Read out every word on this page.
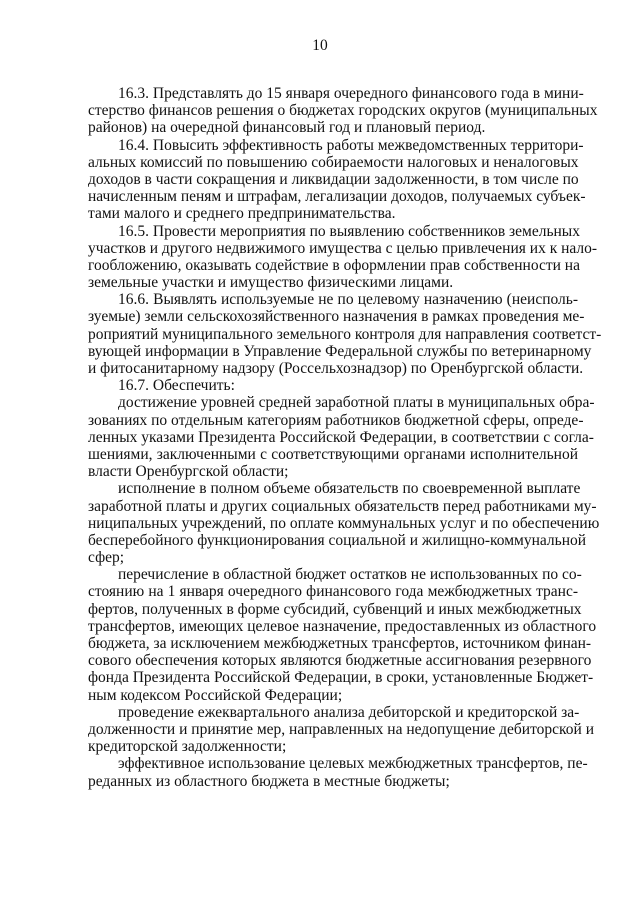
10
16.3. Представлять до 15 января очередного финансового года в мини-
стерство финансов решения о бюджетах городских округов (муниципальных
районов) на очередной финансовый год и плановый период.
16.4. Повысить эффективность работы межведомственных территори-
альных комиссий по повышению собираемости налоговых и неналоговых
доходов в части сокращения и ликвидации задолженности, в том числе по
начисленным пеням и штрафам, легализации доходов, получаемых субъек-
тами малого и среднего предпринимательства.
16.5. Провести мероприятия по выявлению собственников земельных
участков и другого недвижимого имущества с целью привлечения их к нало-
гообложению, оказывать содействие в оформлении прав собственности на
земельные участки и имущество физическими лицами.
16.6. Выявлять используемые не по целевому назначению (неисполь-
зуемые) земли сельскохозяйственного назначения в рамках проведения ме-
роприятий муниципального земельного контроля для направления соответст-
вующей информации в Управление Федеральной службы по ветеринарному
и фитосанитарному надзору (Россельхознадзор) по Оренбургской области.
16.7. Обеспечить:
достижение уровней средней заработной платы в муниципальных обра-
зованиях по отдельным категориям работников бюджетной сферы, опреде-
ленных указами Президента Российской Федерации, в соответствии с согла-
шениями, заключенными с соответствующими органами исполнительной
власти Оренбургской области;
исполнение в полном объеме обязательств по своевременной выплате
заработной платы и других социальных обязательств перед работниками му-
ниципальных учреждений, по оплате коммунальных услуг и по обеспечению
бесперебойного функционирования социальной и жилищно-коммунальной
сфер;
перечисление в областной бюджет остатков не использованных по со-
стоянию на 1 января очередного финансового года межбюджетных транс-
фертов, полученных в форме субсидий, субвенций и иных межбюджетных
трансфертов, имеющих целевое назначение, предоставленных из областного
бюджета, за исключением межбюджетных трансфертов, источником финан-
сового обеспечения которых являются бюджетные ассигнования резервного
фонда Президента Российской Федерации, в сроки, установленные Бюджет-
ным кодексом Российской Федерации;
проведение ежеквартального анализа дебиторской и кредиторской за-
долженности и принятие мер, направленных на недопущение дебиторской и
кредиторской задолженности;
эффективное использование целевых межбюджетных трансфертов, пе-
реданных из областного бюджета в местные бюджеты;
